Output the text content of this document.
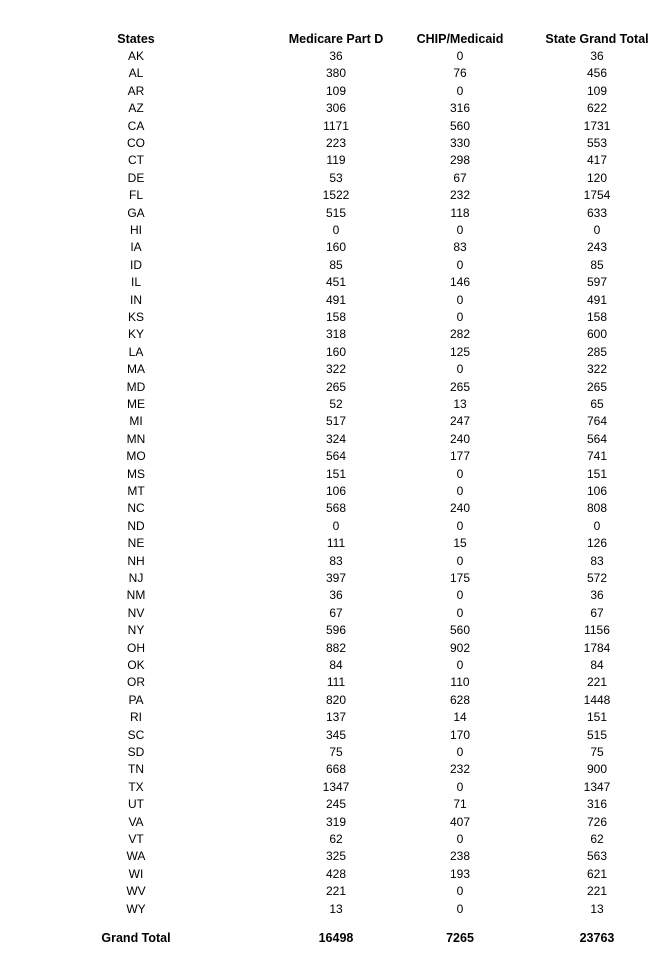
States	Medicare Part D	CHIP/Medicaid	State Grand Total
AK	36	0	36
AL	380	76	456
AR	109	0	109
AZ	306	316	622
CA	1171	560	1731
CO	223	330	553
CT	119	298	417
DE	53	67	120
FL	1522	232	1754
GA	515	118	633
HI	0	0	0
IA	160	83	243
ID	85	0	85
IL	451	146	597
IN	491	0	491
KS	158	0	158
KY	318	282	600
LA	160	125	285
MA	322	0	322
MD	265	265	265
ME	52	13	65
MI	517	247	764
MN	324	240	564
MO	564	177	741
MS	151	0	151
MT	106	0	106
NC	568	240	808
ND	0	0	0
NE	111	15	126
NH	83	0	83
NJ	397	175	572
NM	36	0	36
NV	67	0	67
NY	596	560	1156
OH	882	902	1784
OK	84	0	84
OR	111	110	221
PA	820	628	1448
RI	137	14	151
SC	345	170	515
SD	75	0	75
TN	668	232	900
TX	1347	0	1347
UT	245	71	316
VA	319	407	726
VT	62	0	62
WA	325	238	563
WI	428	193	621
WV	221	0	221
WY	13	0	13
Grand Total	16498	7265	23763
